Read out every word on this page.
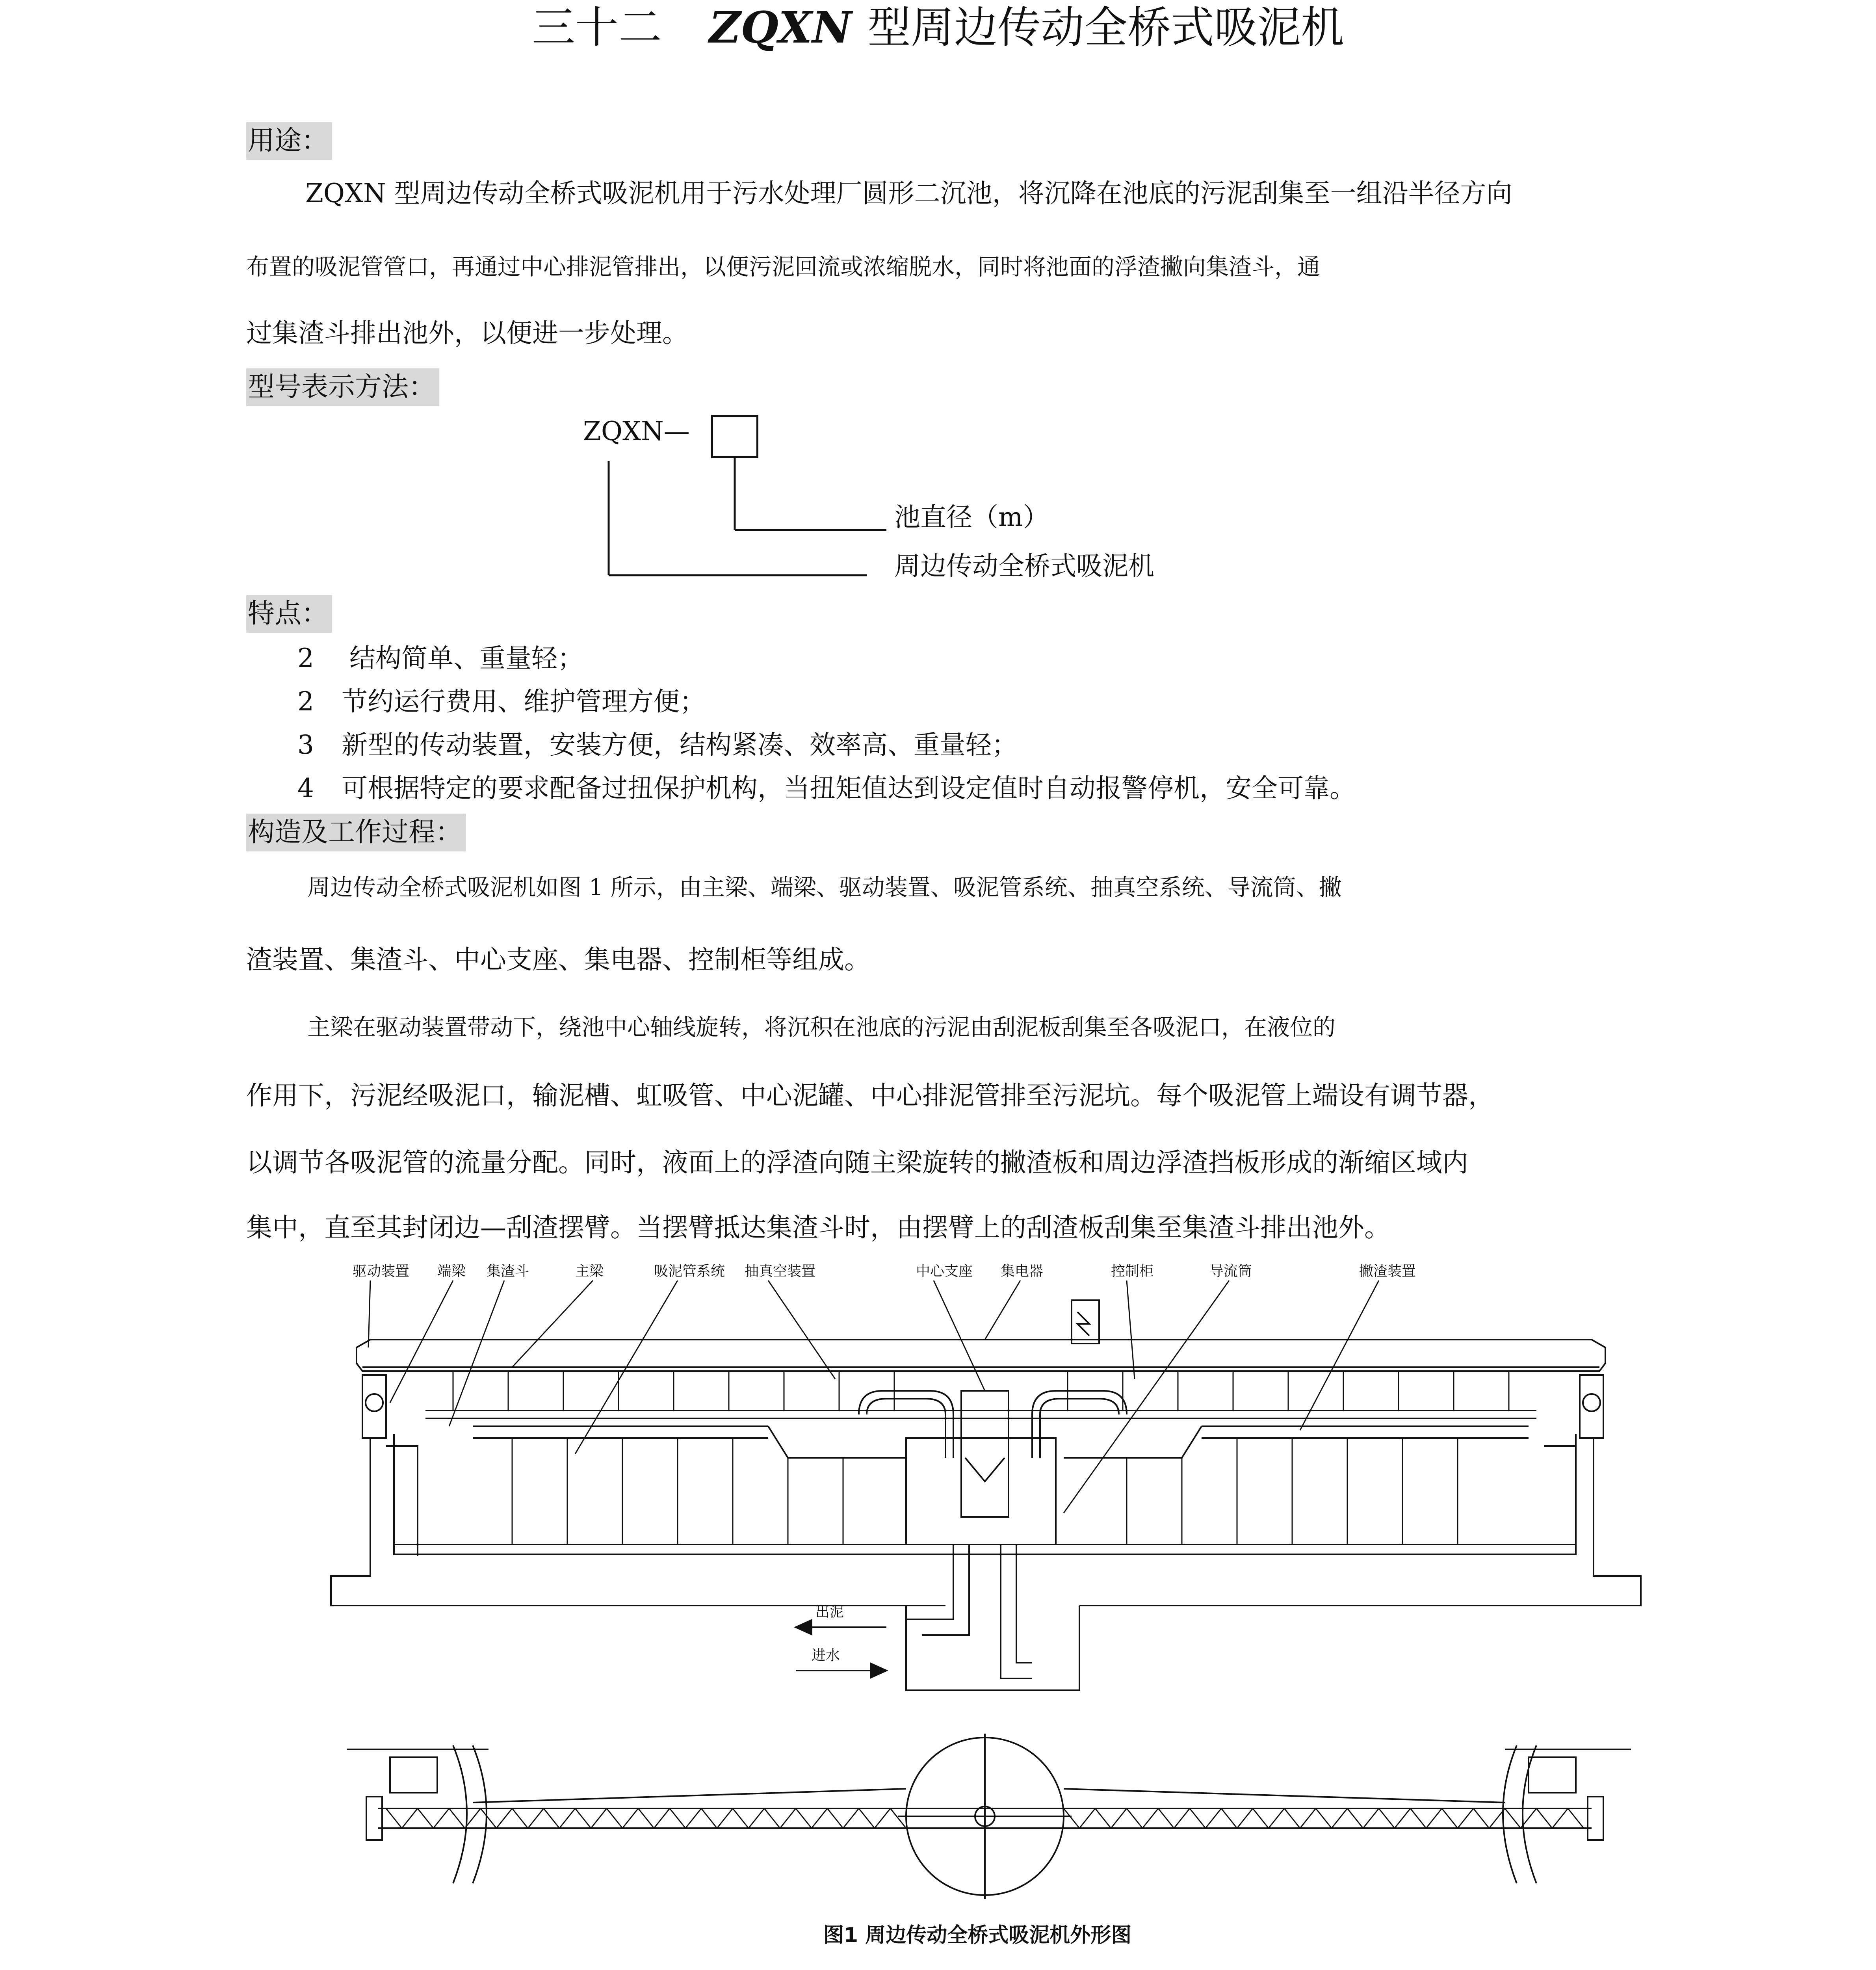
三十二 ZQXN 型周边传动全桥式吸泥机
用途：
ZQXN 型周边传动全桥式吸泥机用于污水处理厂圆形二沉池，将沉降在池底的污泥刮集至一组沿半径方向
布置的吸泥管管口，再通过中心排泥管排出，以便污泥回流或浓缩脱水，同时将池面的浮渣撇向集渣斗，通
过集渣斗排出池外，以便进一步处理。
型号表示方法：
ZQXN—
池直径（m）
周边传动全桥式吸泥机
特点：
2 结构简单、重量轻；
2 节约运行费用、维护管理方便；
3 新型的传动装置，安装方便，结构紧凑、效率高、重量轻；
4 可根据特定的要求配备过扭保护机构，当扭矩值达到设定值时自动报警停机，安全可靠。
构造及工作过程：
周边传动全桥式吸泥机如图 1 所示，由主梁、端梁、驱动装置、吸泥管系统、抽真空系统、导流筒、撇
渣装置、集渣斗、中心支座、集电器、控制柜等组成。
主梁在驱动装置带动下，绕池中心轴线旋转，将沉积在池底的污泥由刮泥板刮集至各吸泥口，在液位的
作用下，污泥经吸泥口，输泥槽、虹吸管、中心泥罐、中心排泥管排至污泥坑。每个吸泥管上端设有调节器，
以调节各吸泥管的流量分配。同时，液面上的浮渣向随主梁旋转的撇渣板和周边浮渣挡板形成的渐缩区域内
集中，直至其封闭边—刮渣摆臂。当摆臂抵达集渣斗时，由摆臂上的刮渣板刮集至集渣斗排出池外。
驱动装置 端梁 集渣斗	主梁	吸泥管系统 抽真空装置	中心支座 集电器	控制柜	导流筒	撇渣装置
出泥
进水
图1 周边传动全桥式吸泥机外形图
